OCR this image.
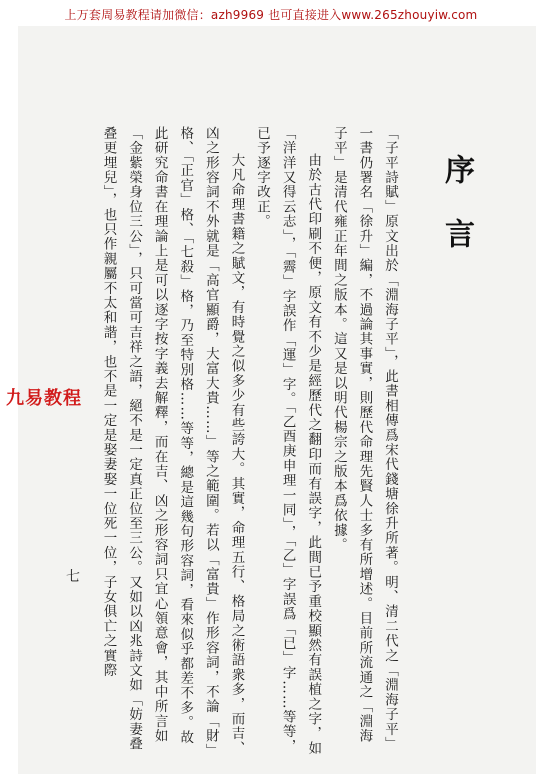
上万套周易教程请加微信：azh9969 也可直接进入www.265zhouyiw.com
序言

「子平詩賦」原文出於「淵海子平」，此書相傳爲宋代錢塘徐升所著。明、清二代之「淵海子平」一書仍署名「徐升」編，不過論其事實，則歷代命理先賢人士多有所增述。目前所流通之「淵海子平」是清代雍正年間之版本。這又是以明代楊宗之版本爲依據。

由於古代印刷不便，原文有不少是經歷代之翻印而有誤字，此間已予重校顯然有誤植之字，如「洋洋又得云志」，「霽」字誤作「運」字。「乙酉庚申理一同」，「乙」字誤爲「已」字……等等，已予逐字改正。

大凡命理書籍之賦文，有時覺之似多少有些誇大。其實，命理五行、格局之術語衆多，而吉、凶之形容詞不外就是「高官顯爵，大富大貴……」等之範圍。若以「富貴」作形容詞，不論「財」格、「正官」格、「七殺」格，乃至特別格……等等，總是這幾句形容詞，看來似乎都差不多。故此研究命書在理論上是可以逐字按字義去解釋，而在吉、凶之形容詞只宜心領意會，其中所言如「金紫榮身位三公」，只可當可吉祥之語，絕不是一定真正位至三公。又如以凶兆詩文如「妨妻叠叠更埋兒」，也只作親屬不太和諧，也不是一定是娶妻娶一位死一位，子女俱亡之實際

七
九易教程
